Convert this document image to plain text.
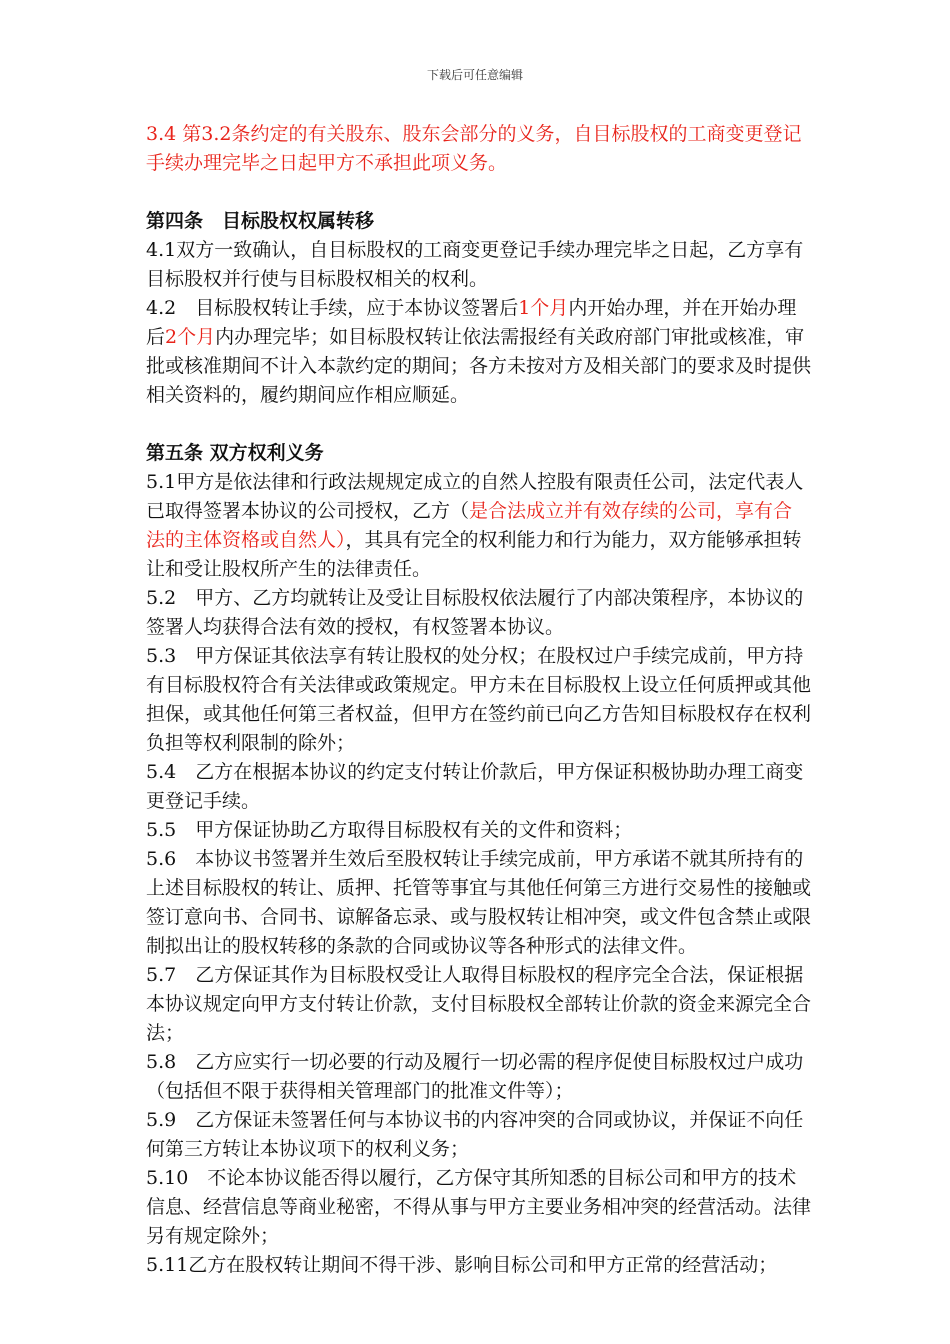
下载后可任意编辑

3.4 第3.2条约定的有关股东、股东会部分的义务，自目标股权的工商变更登记手续办理完毕之日起甲方不承担此项义务。

第四条　目标股权权属转移

4.1双方一致确认，自目标股权的工商变更登记手续办理完毕之日起，乙方享有目标股权并行使与目标股权相关的权利。

4.2　目标股权转让手续，应于本协议签署后1个月内开始办理，并在开始办理后2个月内办理完毕；如目标股权转让依法需报经有关政府部门审批或核准，审批或核准期间不计入本款约定的期间；各方未按对方及相关部门的要求及时提供相关资料的，履约期间应作相应顺延。

第五条 双方权利义务

5.1甲方是依法律和行政法规规定成立的自然人控股有限责任公司，法定代表人已取得签署本协议的公司授权，乙方（是合法成立并有效存续的公司，享有合法的主体资格或自然人），其具有完全的权利能力和行为能力，双方能够承担转让和受让股权所产生的法律责任。

5.2　甲方、乙方均就转让及受让目标股权依法履行了内部决策程序，本协议的签署人均获得合法有效的授权，有权签署本协议。

5.3　甲方保证其依法享有转让股权的处分权；在股权过户手续完成前，甲方持有目标股权符合有关法律或政策规定。甲方未在目标股权上设立任何质押或其他担保，或其他任何第三者权益，但甲方在签约前已向乙方告知目标股权存在权利负担等权利限制的除外；

5.4　乙方在根据本协议的约定支付转让价款后，甲方保证积极协助办理工商变更登记手续。

5.5　甲方保证协助乙方取得目标股权有关的文件和资料；

5.6　本协议书签署并生效后至股权转让手续完成前，甲方承诺不就其所持有的上述目标股权的转让、质押、托管等事宜与其他任何第三方进行交易性的接触或签订意向书、合同书、谅解备忘录、或与股权转让相冲突，或文件包含禁止或限制拟出让的股权转移的条款的合同或协议等各种形式的法律文件。

5.7　乙方保证其作为目标股权受让人取得目标股权的程序完全合法，保证根据本协议规定向甲方支付转让价款，支付目标股权全部转让价款的资金来源完全合法；

5.8　乙方应实行一切必要的行动及履行一切必需的程序促使目标股权过户成功（包括但不限于获得相关管理部门的批准文件等）；

5.9　乙方保证未签署任何与本协议书的内容冲突的合同或协议，并保证不向任何第三方转让本协议项下的权利义务；

5.10　不论本协议能否得以履行，乙方保守其所知悉的目标公司和甲方的技术信息、经营信息等商业秘密，不得从事与甲方主要业务相冲突的经营活动。法律另有规定除外；

5.11乙方在股权转让期间不得干涉、影响目标公司和甲方正常的经营活动；
